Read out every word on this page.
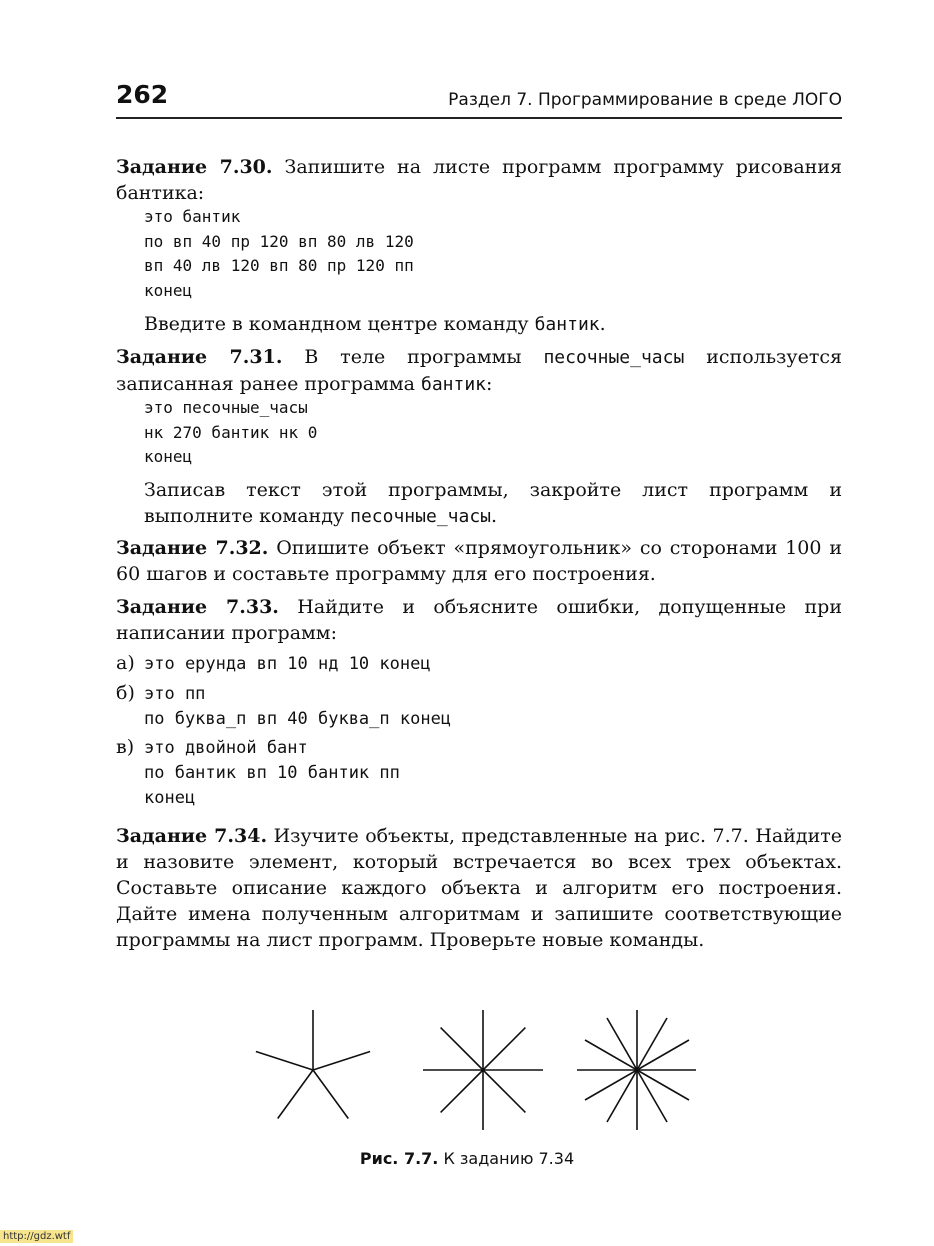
262	Раздел 7. Программирование в среде ЛОГО
Задание 7.30. Запишите на листе программ программу рисования бантика:
это бантик
по вп 40 пр 120 вп 80 лв 120
вп 40 лв 120 вп 80 пр 120 пп
конец
Введите в командном центре команду бантик.
Задание 7.31. В теле программы песочные_часы используется записанная ранее программа бантик:
это песочные_часы
нк 270 бантик нк 0
конец
Записав текст этой программы, закройте лист программ и выполните команду песочные_часы.
Задание 7.32. Опишите объект «прямоугольник» со сторонами 100 и 60 шагов и составьте программу для его построения.
Задание 7.33. Найдите и объясните ошибки, допущенные при написании программ:
а) это ерунда вп 10 нд 10 конец
б) это пп
по буква_п вп 40 буква_п конец
в) это двойной бант
по бантик вп 10 бантик пп
конец
Задание 7.34. Изучите объекты, представленные на рис. 7.7. Найдите и назовите элемент, который встречается во всех трех объектах. Составьте описание каждого объекта и алгоритм его построения. Дайте имена полученным алгоритмам и запишите соответствующие программы на лист программ. Проверьте новые команды.
Рис. 7.7. К заданию 7.34
http://gdz.wtf
